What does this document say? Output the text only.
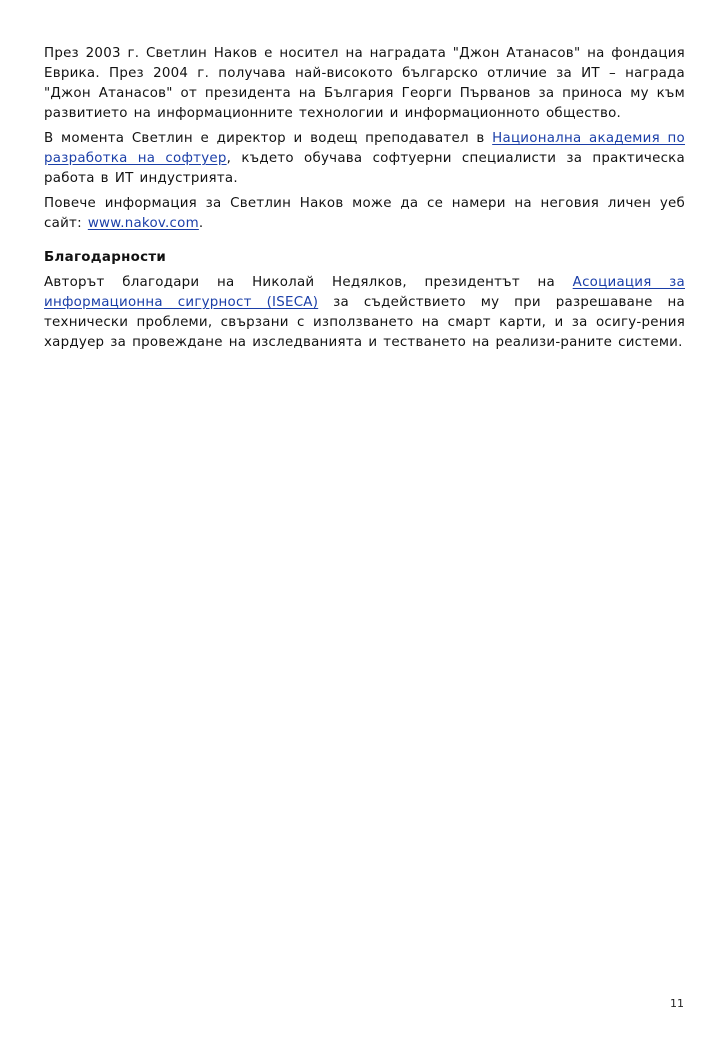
През 2003 г. Светлин Наков е носител на наградата "Джон Атанасов" на фондация Еврика. През 2004 г. получава най-високото българско отличие за ИТ – награда "Джон Атанасов" от президента на България Георги Първанов за приноса му към развитието на информационните технологии и информационното общество.

В момента Светлин е директор и водещ преподавател в Национална академия по разработка на софтуер, където обучава софтуерни специалисти за практическа работа в ИТ индустрията.

Повече информация за Светлин Наков може да се намери на неговия личен уеб сайт: www.nakov.com.

Благодарности

Авторът благодари на Николай Недялков, президентът на Асоциация за информационна сигурност (ISECA) за съдействието му при разрешаване на технически проблеми, свързани с използването на смарт карти, и за осигу-рения хардуер за провеждане на изследванията и тестването на реализи-раните системи.

11
